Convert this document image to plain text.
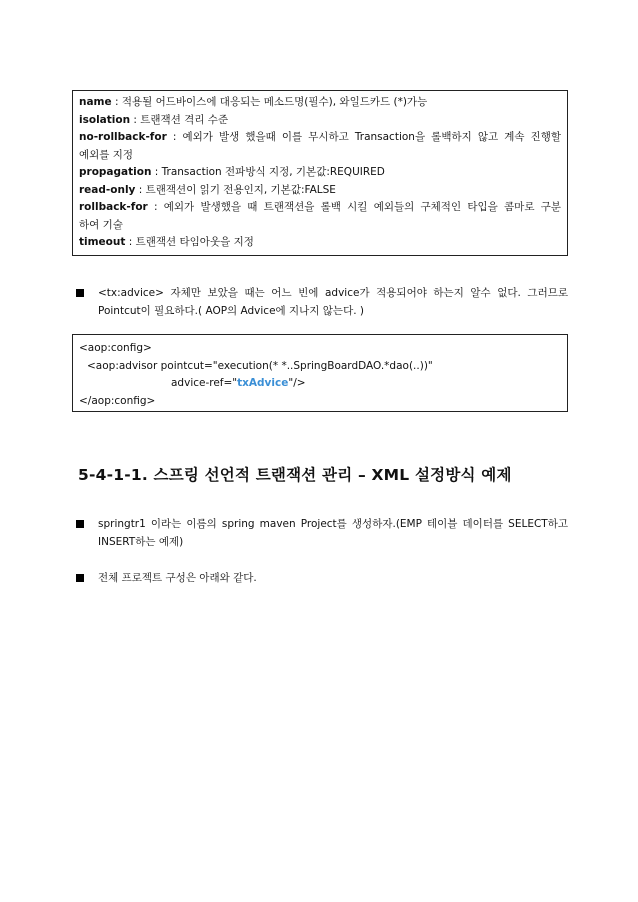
name : 적용될 어드바이스에 대응되는 메소드명(필수), 와일드카드 (*)가능
isolation : 트랜잭션 격리 수준
no-rollback-for : 예외가 발생 했을때 이를 무시하고 Transaction을 롤백하지 않고 계속 진행할
예외를 지정
propagation : Transaction 전파방식 지정, 기본값:REQUIRED
read-only : 트랜잭션이 읽기 전용인지, 기본값:FALSE
rollback-for : 예외가 발생했을 때 트랜잭션을 롤백 시킬 예외들의 구체적인 타입을 콤마로 구분
하여 기술
timeout : 트랜잭션 타임아웃을 지정
<tx:advice> 자체만 보았을 때는 어느 빈에 advice가 적용되어야 하는지 알수 없다. 그러므로
Pointcut이 필요하다.( AOP의 Advice에 지나지 않는다. )
<aop:config>
<aop:advisor pointcut="execution(* *..SpringBoardDAO.*dao(..))"
advice-ref="txAdvice"/>
</aop:config>
5-4-1-1. 스프링 선언적 트랜잭션 관리 – XML 설정방식 예제
springtr1 이라는 이름의 spring maven Project를 생성하자.(EMP 테이블 데이터를 SELECT하고
INSERT하는 예제)
전체 프로젝트 구성은 아래와 같다.
